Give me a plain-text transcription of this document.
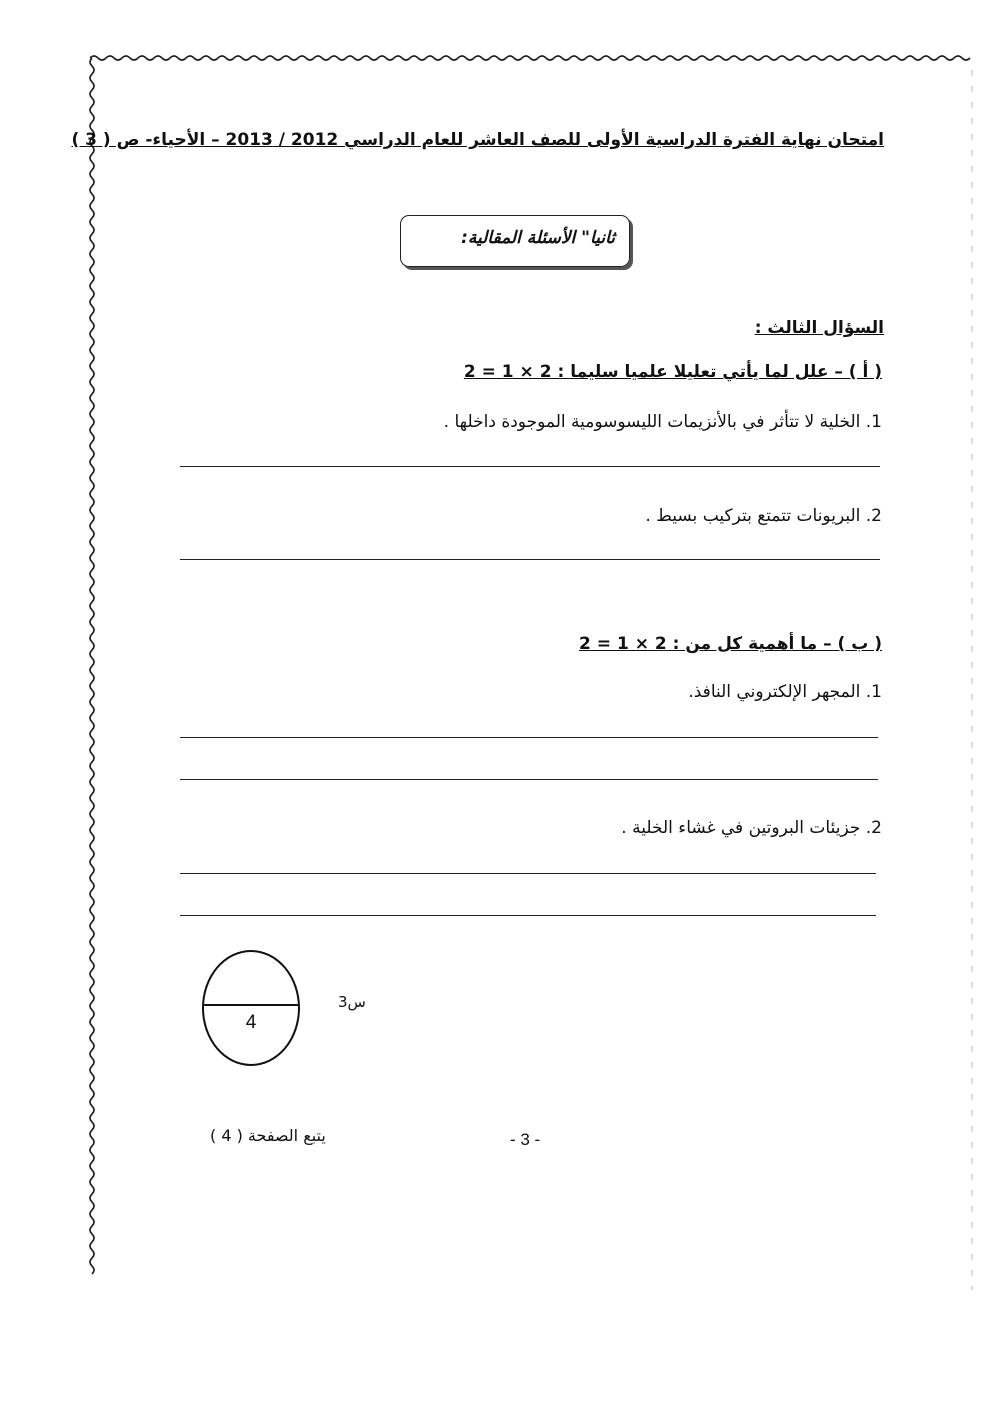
امتحان نهاية الفترة الدراسية الأولى للصف العاشر للعام الدراسي 2012 / 2013 – الأحياء- ص ( 3 )
ثانيا" الأسئلة المقالية:
السؤال الثالث :
( أ ) – علل لما يأتي تعليلا علميا سليما : 2 × 1 = 2
1. الخلية لا تتأثر في بالأنزيمات الليسوسومية الموجودة داخلها .
2. البريونات تتمتع بتركيب بسيط .
( ب ) – ما أهمية كل من : 2 × 1 = 2
1. المجهر الإلكتروني النافذ.
2. جزيئات البروتين في غشاء الخلية .
4
س3
يتبع الصفحة ( 4 )	- 3 -
